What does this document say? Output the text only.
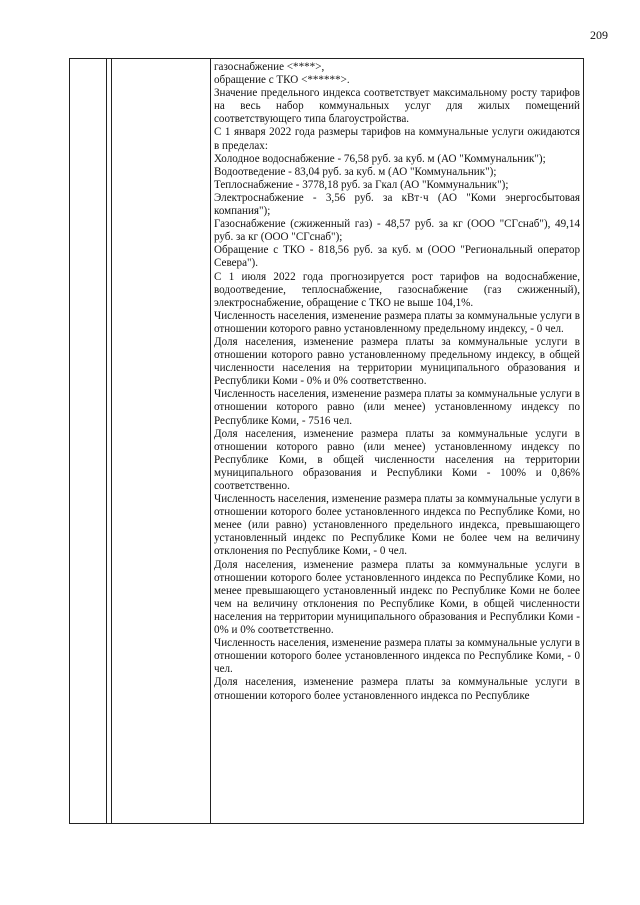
209

газоснабжение <****>,

обращение с ТКО <******>.

Значение предельного индекса соответствует максимальному росту тарифов на весь набор коммунальных услуг для жилых помещений соответствующего типа благоустройства.

С 1 января 2022 года размеры тарифов на коммунальные услуги ожидаются в пределах:

Холодное водоснабжение - 76,58 руб. за куб. м (АО "Коммунальник");

Водоотведение - 83,04 руб. за куб. м (АО "Коммунальник");

Теплоснабжение - 3778,18 руб. за Гкал (АО "Коммунальник");

Электроснабжение - 3,56 руб. за кВт·ч (АО "Коми энергосбытовая компания");

Газоснабжение (сжиженный газ) - 48,57 руб. за кг (ООО "СГснаб"), 49,14 руб. за кг (ООО "СГснаб");

Обращение с ТКО - 818,56 руб. за куб. м (ООО "Региональный оператор Севера").

С 1 июля 2022 года прогнозируется рост тарифов на водоснабжение, водоотведение, теплоснабжение, газоснабжение (газ сжиженный), электроснабжение, обращение с ТКО не выше 104,1%.

Численность населения, изменение размера платы за коммунальные услуги в отношении которого равно установленному предельному индексу, - 0 чел.

Доля населения, изменение размера платы за коммунальные услуги в отношении которого равно установленному предельному индексу, в общей численности населения на территории муниципального образования и Республики Коми - 0% и 0% соответственно.

Численность населения, изменение размера платы за коммунальные услуги в отношении которого равно (или менее) установленному индексу по Республике Коми, - 7516 чел.

Доля населения, изменение размера платы за коммунальные услуги в отношении которого равно (или менее) установленному индексу по Республике Коми, в общей численности населения на территории муниципального образования и Республики Коми - 100% и 0,86% соответственно.

Численность населения, изменение размера платы за коммунальные услуги в отношении которого более установленного индекса по Республике Коми, но менее (или равно) установленного предельного индекса, превышающего установленный индекс по Республике Коми не более чем на величину отклонения по Республике Коми, - 0 чел.

Доля населения, изменение размера платы за коммунальные услуги в отношении которого более установленного индекса по Республике Коми, но менее превышающего установленный индекс по Республике Коми не более чем на величину отклонения по Республике Коми, в общей численности населения на территории муниципального образования и Республики Коми - 0% и 0% соответственно.

Численность населения, изменение размера платы за коммунальные услуги в отношении которого более установленного индекса по Республике Коми, - 0 чел.

Доля населения, изменение размера платы за коммунальные услуги в отношении которого более установленного индекса по Республике
